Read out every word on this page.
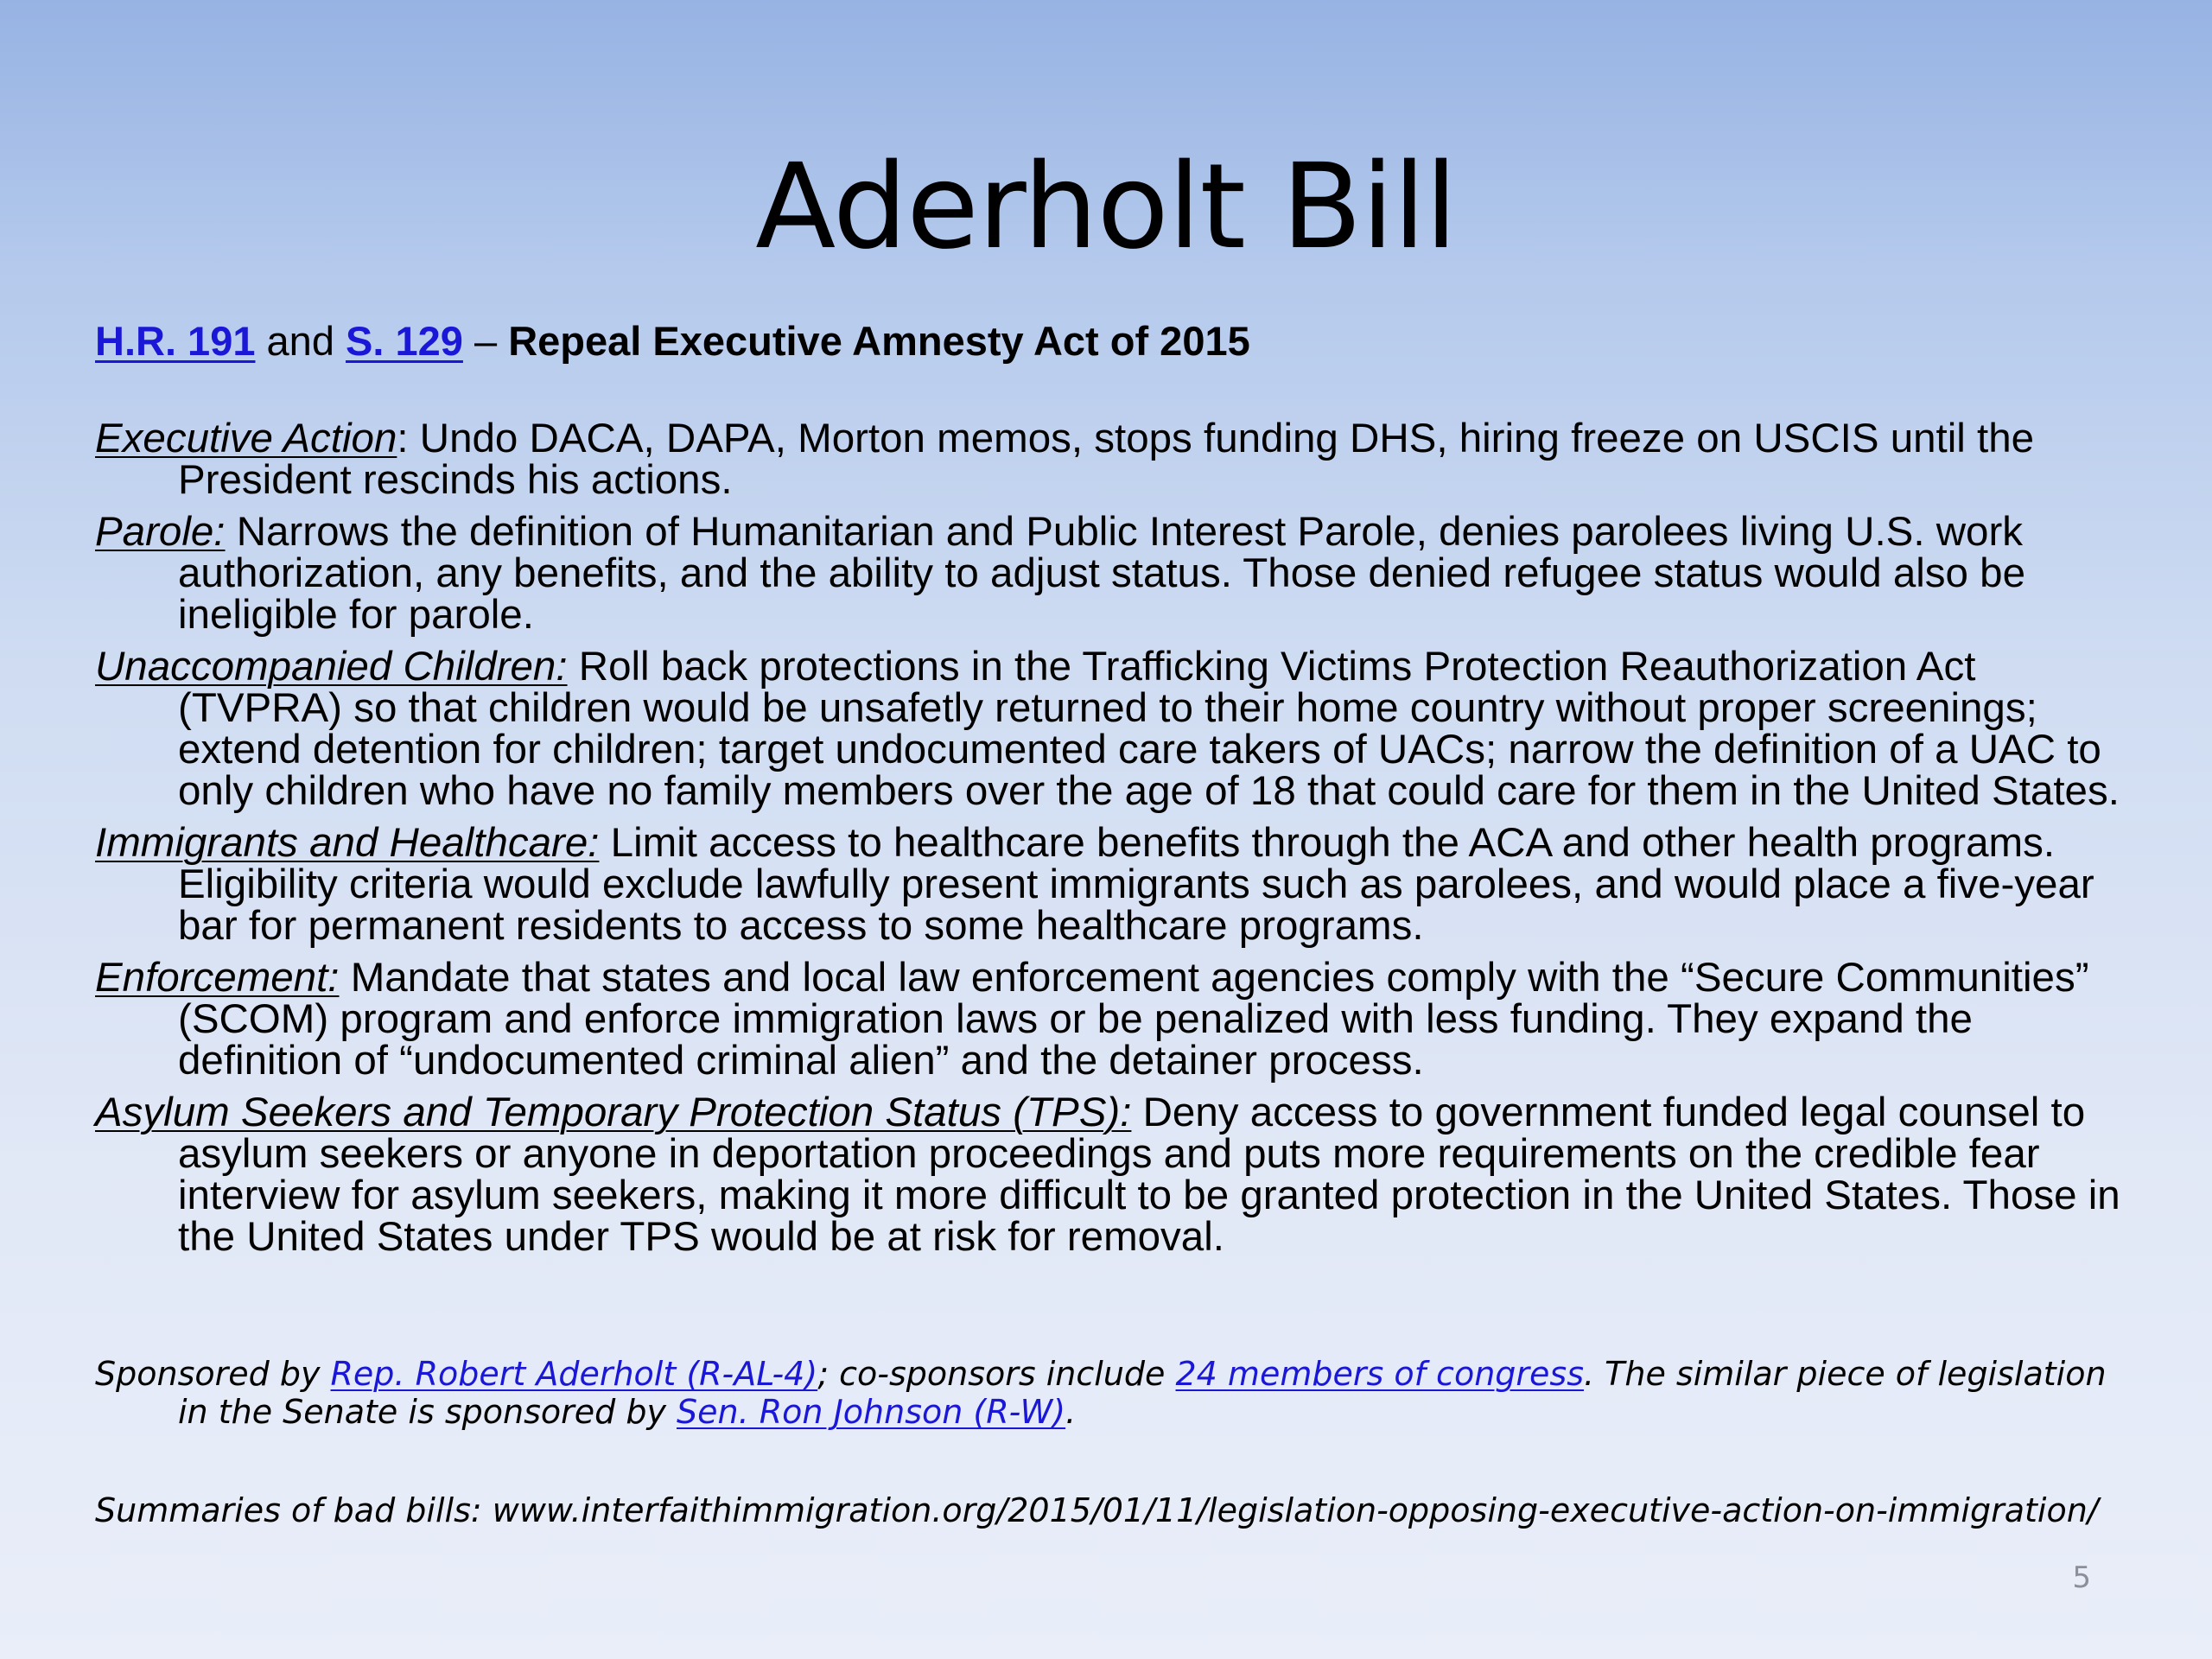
Aderholt Bill
H.R. 191 and S. 129 – Repeal Executive Amnesty Act of 2015
Executive Action: Undo DACA, DAPA, Morton memos, stops funding DHS, hiring freeze on USCIS until the President rescinds his actions.
Parole: Narrows the definition of Humanitarian and Public Interest Parole, denies parolees living U.S. work authorization, any benefits, and the ability to adjust status. Those denied refugee status would also be ineligible for parole.
Unaccompanied Children: Roll back protections in the Trafficking Victims Protection Reauthorization Act (TVPRA) so that children would be unsafetly returned to their home country without proper screenings; extend detention for children; target undocumented care takers of UACs; narrow the definition of a UAC to only children who have no family members over the age of 18 that could care for them in the United States.
Immigrants and Healthcare: Limit access to healthcare benefits through the ACA and other health programs. Eligibility criteria would exclude lawfully present immigrants such as parolees, and would place a five-year bar for permanent residents to access to some healthcare programs.
Enforcement: Mandate that states and local law enforcement agencies comply with the “Secure Communities” (SCOM) program and enforce immigration laws or be penalized with less funding. They expand the definition of “undocumented criminal alien” and the detainer process.
Asylum Seekers and Temporary Protection Status (TPS): Deny access to government funded legal counsel to asylum seekers or anyone in deportation proceedings and puts more requirements on the credible fear interview for asylum seekers, making it more difficult to be granted protection in the United States. Those in the United States under TPS would be at risk for removal.
Sponsored by Rep. Robert Aderholt (R-AL-4); co-sponsors include 24 members of congress. The similar piece of legislation in the Senate is sponsored by Sen. Ron Johnson (R-W).
Summaries of bad bills: www.interfaithimmigration.org/2015/01/11/legislation-opposing-executive-action-on-immigration/
5
